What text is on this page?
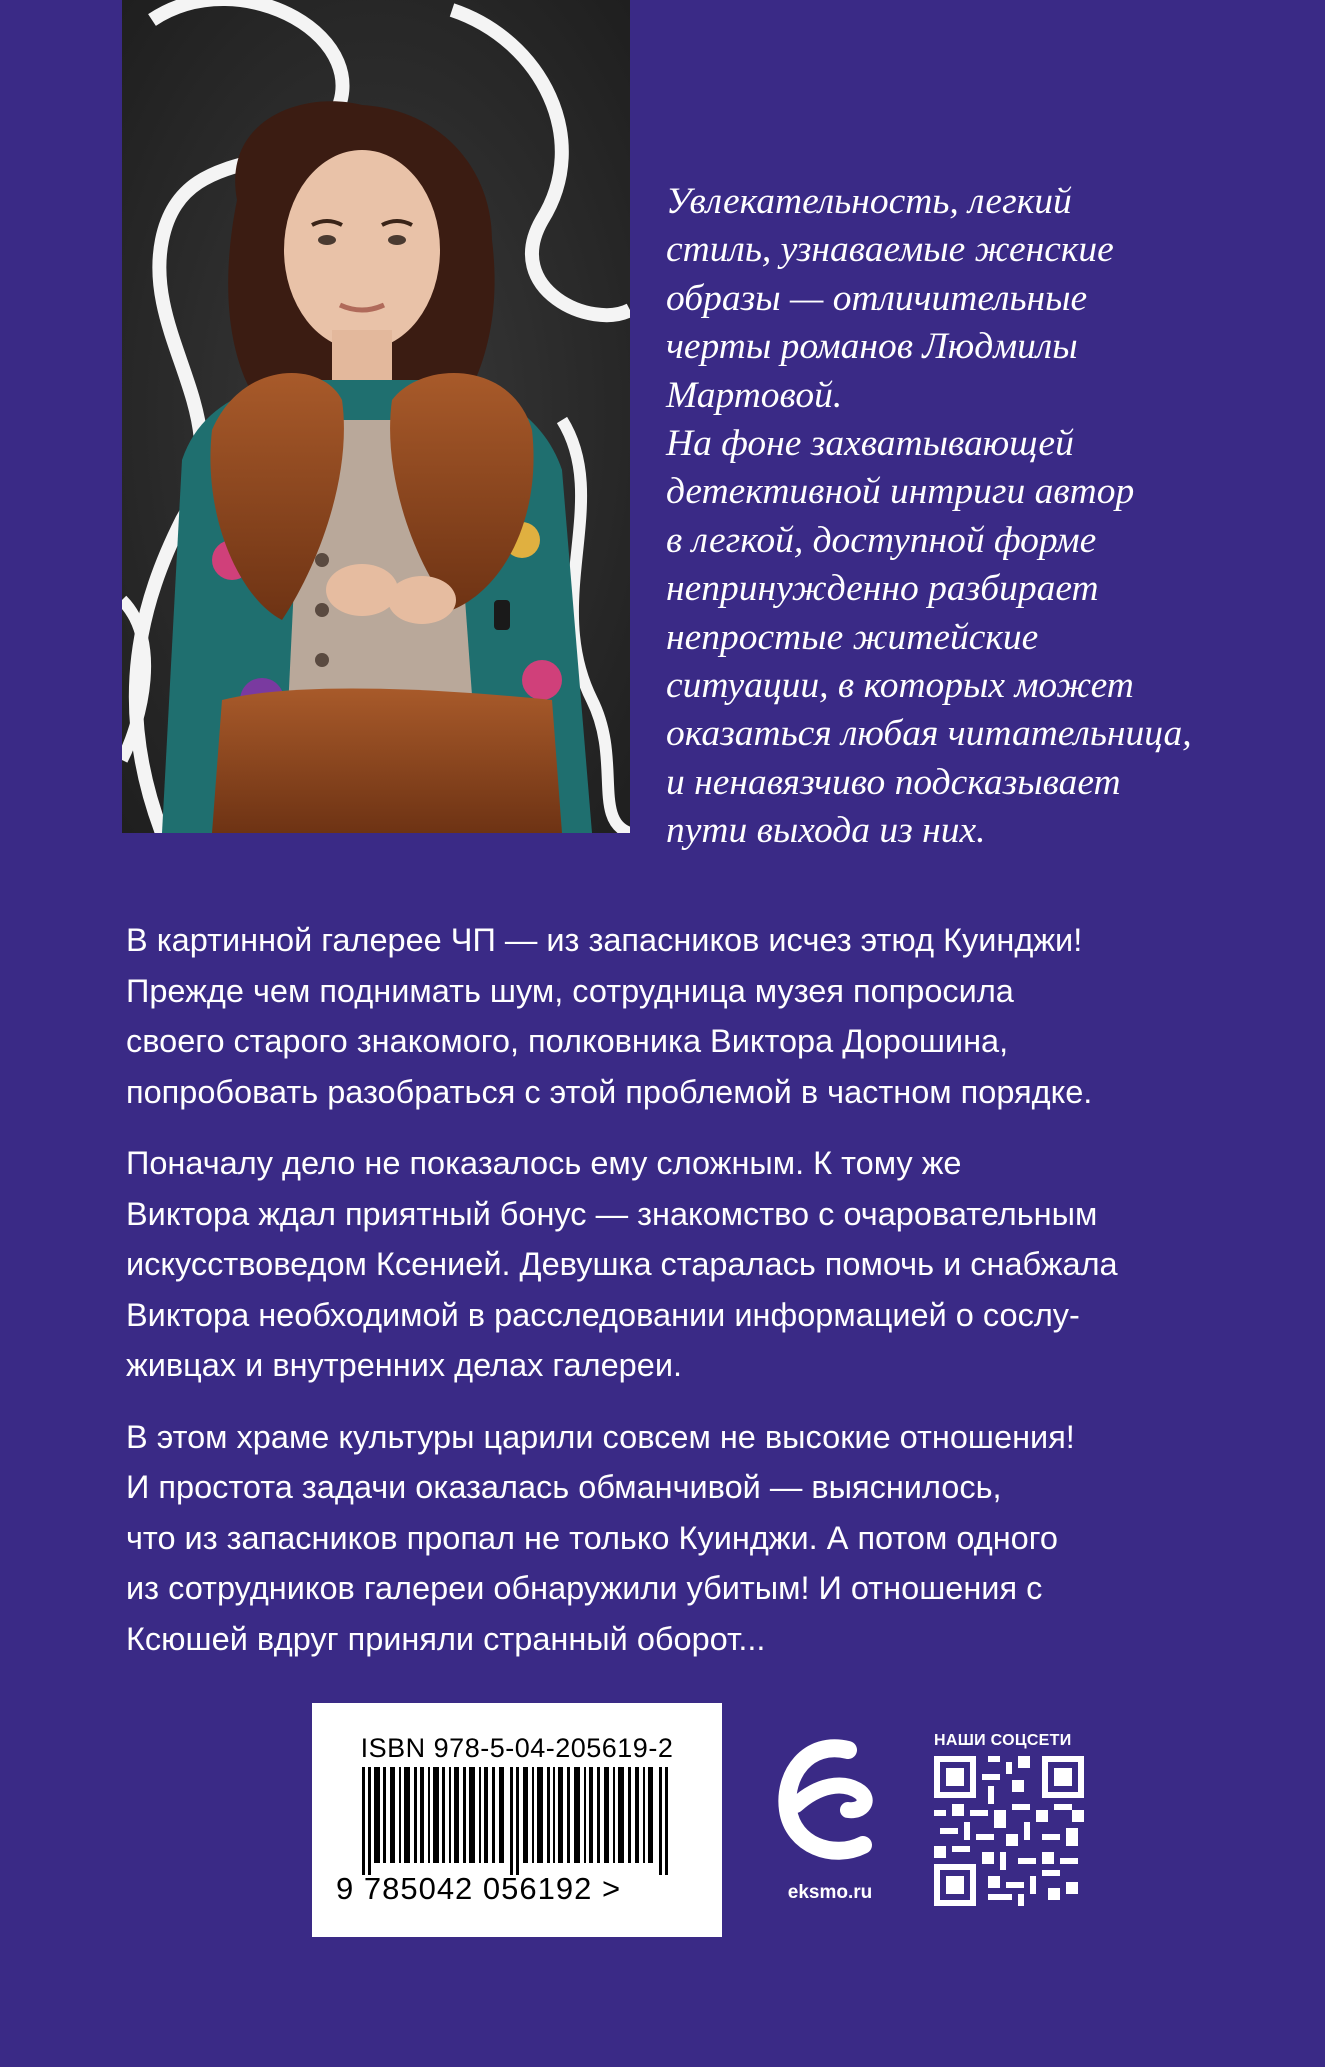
Увлекательность, легкий

стиль, узнаваемые женские

образы — отличительные

черты романов Людмилы

Мартовой.

На фоне захватывающей

детективной интриги автор

в легкой, доступной форме

непринужденно разбирает

непростые житейские

ситуации, в которых может

оказаться любая читательница,

и ненавязчиво подсказывает

пути выхода из них.

В картинной галерее ЧП — из запасников исчез этюд Куинджи!
Прежде чем поднимать шум, сотрудница музея попросила
своего старого знакомого, полковника Виктора Дорошина,
попробовать разобраться с этой проблемой в частном порядке.

Поначалу дело не показалось ему сложным. К тому же
Виктора ждал приятный бонус — знакомство с очаровательным
искусствоведом Ксенией. Девушка старалась помочь и снабжала
Виктора необходимой в расследовании информацией о сослу-
живцах и внутренних делах галереи.

В этом храме культуры царили совсем не высокие отношения!
И простота задачи оказалась обманчивой — выяснилось,
что из запасников пропал не только Куинджи. А потом одного
из сотрудников галереи обнаружили убитым! И отношения с
Ксюшей вдруг приняли странный оборот...

ISBN 978-5-04-205619-2
9 785042 056192 >	eksmo.ru
НАШИ СОЦСЕТИ
